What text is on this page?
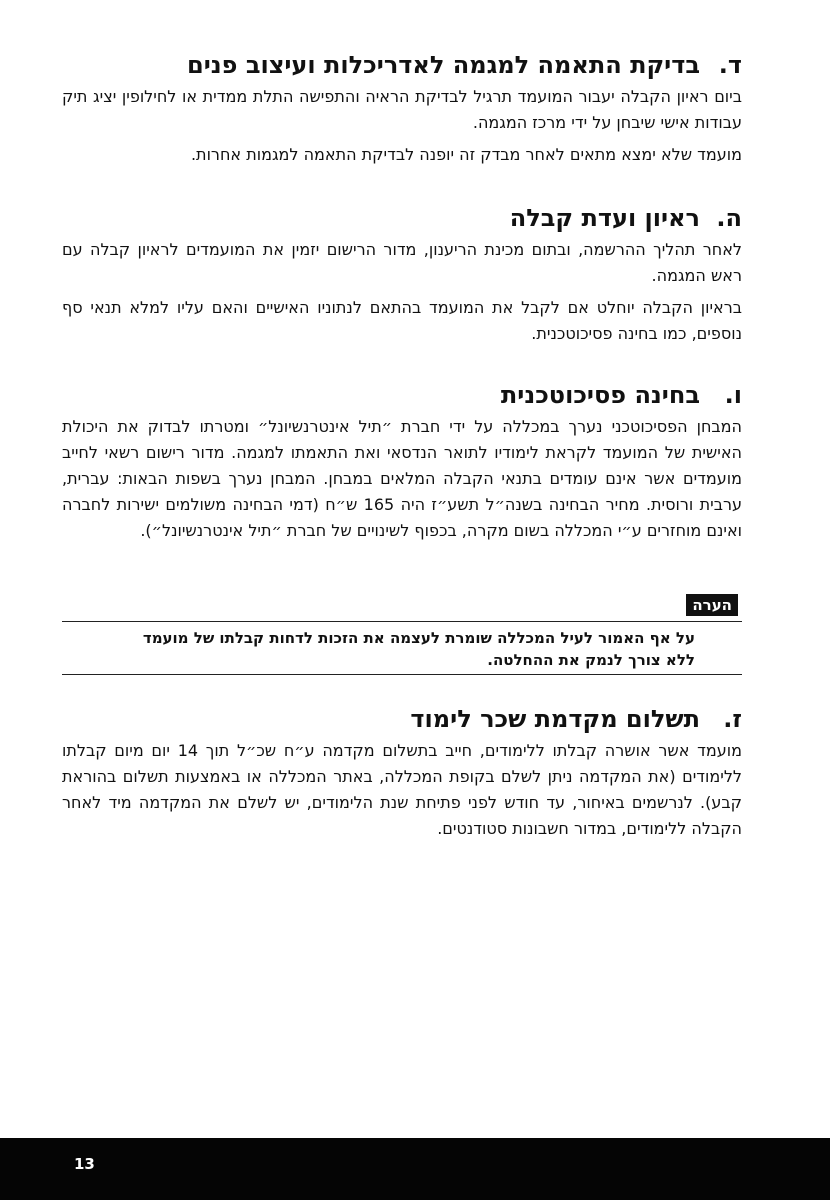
ד.
בדיקת התאמה למגמה לאדריכלות ועיצוב פנים

ביום ראיון הקבלה יעבור המועמד תרגיל לבדיקת הראיה והתפישה התלת ממדית או לחילופין יציג תיק עבודות אישי שיבחן על ידי מרכז המגמה.

מועמד שלא ימצא מתאים לאחר מבדק זה יופנה לבדיקת התאמה למגמות אחרות.

ה.
ראיון ועדת קבלה

לאחר תהליך ההרשמה, ובתום מכינת הריענון, מדור הרישום יזמין את המועמדים לראיון קבלה עם ראש המגמה.

בראיון הקבלה יוחלט אם לקבל את המועמד בהתאם לנתוניו האישיים והאם עליו למלא תנאי סף נוספים, כמו בחינה פסיכוטכנית.

ו.
בחינה פסיכוטכנית

המבחן הפסיכוטכני נערך במכללה על ידי חברת ״תיל אינטרנשיונל״ ומטרתו לבדוק את היכולת האישית של המועמד לקראת לימודיו לתואר הנדסאי ואת התאמתו למגמה. מדור רישום רשאי לחייב מועמדים אשר אינם עומדים בתנאי הקבלה המלאים במבחן. המבחן נערך בשפות הבאות: עברית, ערבית ורוסית. מחיר הבחינה בשנה״ל תשע״ז היה 165 ש״ח (דמי הבחינה משולמים ישירות לחברה ואינם מוחזרים ע״י המכללה בשום מקרה, בכפוף לשינויים של חברת ״תיל אינטרנשיונל״).

הערה
על אף האמור לעיל המכללה שומרת לעצמה את הזכות לדחות קבלתו של מועמד ללא צורך לנמק את ההחלטה.
ז.
תשלום מקדמת שכר לימוד

מועמד אשר אושרה קבלתו ללימודים, חייב בתשלום מקדמה ע״ח שכ״ל תוך 14 יום מיום קבלתו ללימודים (את המקדמה ניתן לשלם בקופת המכללה, באתר המכללה או באמצעות תשלום בהוראת קבע). לנרשמים באיחור, עד חודש לפני פתיחת שנת הלימודים, יש לשלם את המקדמה מיד לאחר הקבלה ללימודים, במדור חשבונות סטודנטים.

13
